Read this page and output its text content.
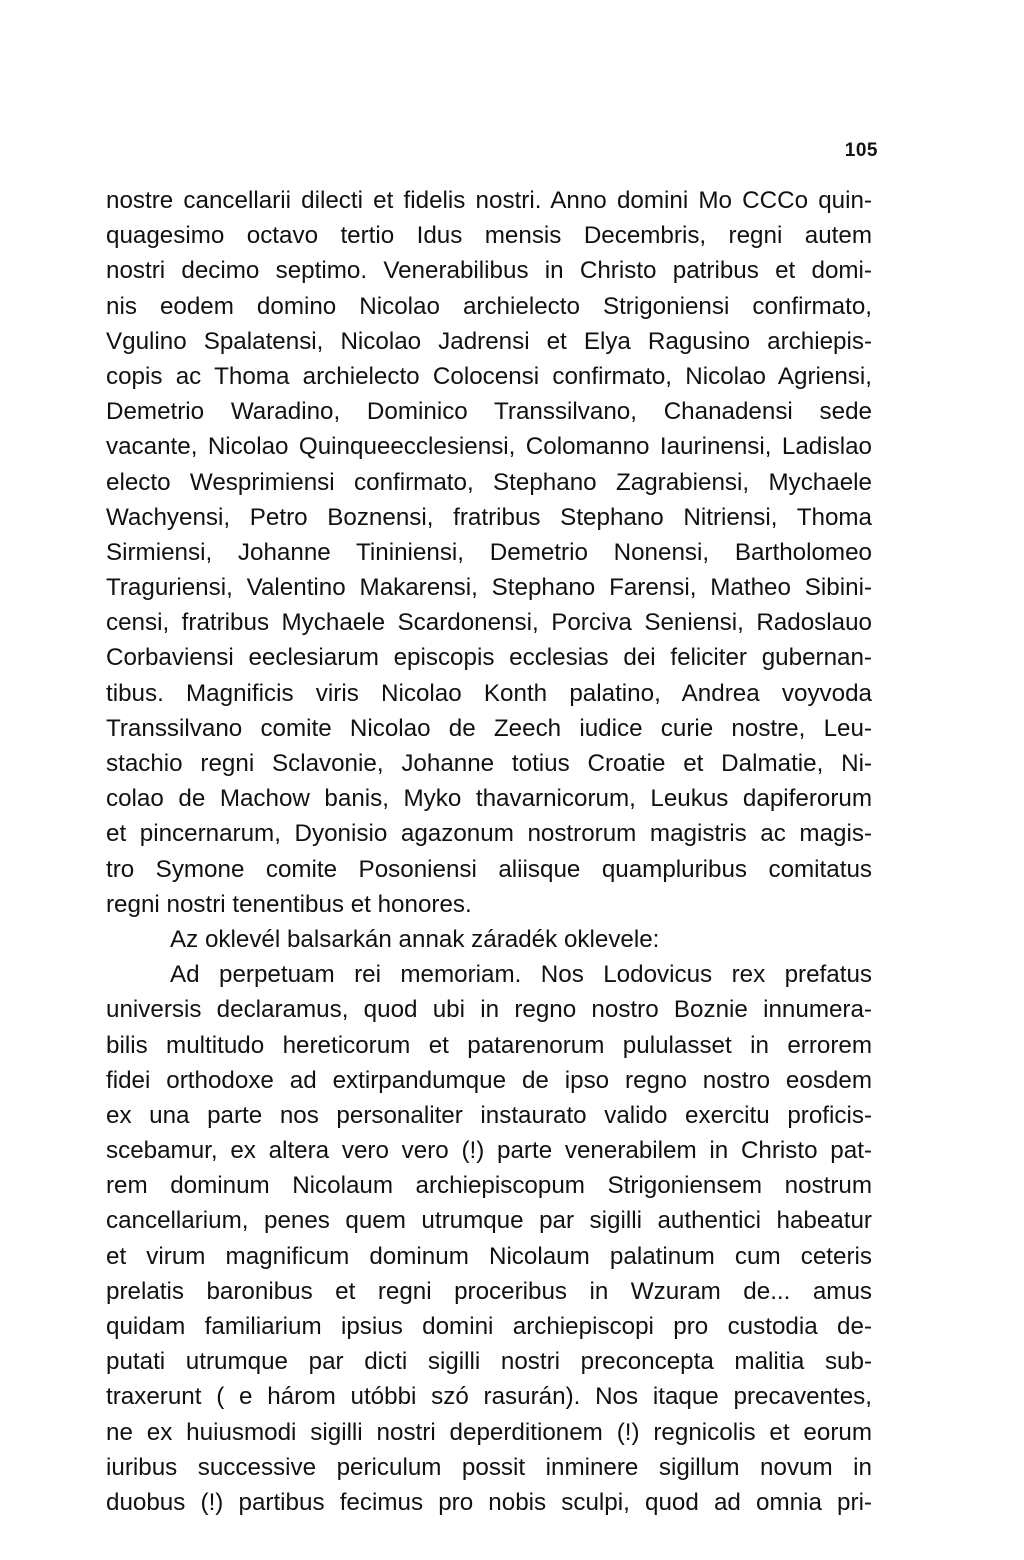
105
nostre cancellarii dilecti et fidelis nostri. Anno domini Mo CCCo quin-
quagesimo octavo tertio Idus mensis Decembris, regni autem
nostri decimo septimo. Venerabilibus in Christo patribus et domi-
nis eodem domino Nicolao archielecto Strigoniensi confirmato,
Vgulino Spalatensi, Nicolao Jadrensi et Elya Ragusino archiepis-
copis ac Thoma archielecto Colocensi confirmato, Nicolao Agriensi,
Demetrio Waradino, Dominico Transsilvano, Chanadensi sede
vacante, Nicolao Quinqueecclesiensi, Colomanno Iaurinensi, Ladislao
electo Wesprimiensi confirmato, Stephano Zagrabiensi, Mychaele
Wachyensi, Petro Boznensi, fratribus Stephano Nitriensi, Thoma
Sirmiensi, Johanne Tininiensi, Demetrio Nonensi, Bartholomeo
Traguriensi, Valentino Makarensi, Stephano Farensi, Matheo Sibini-
censi, fratribus Mychaele Scardonensi, Porciva Seniensi, Radoslauo
Corbaviensi eeclesiarum episcopis ecclesias dei feliciter gubernan-
tibus. Magnificis viris Nicolao Konth palatino, Andrea voyvoda
Transsilvano comite Nicolao de Zeech iudice curie nostre, Leu-
stachio regni Sclavonie, Johanne totius Croatie et Dalmatie, Ni-
colao de Machow banis, Myko thavarnicorum, Leukus dapiferorum
et pincernarum, Dyonisio agazonum nostrorum magistris ac magis-
tro Symone comite Posoniensi aliisque quampluribus comitatus
regni nostri tenentibus et honores.
Az oklevél balsarkán annak záradék oklevele:
Ad perpetuam rei memoriam. Nos Lodovicus rex prefatus
universis declaramus, quod ubi in regno nostro Boznie innumera-
bilis multitudo hereticorum et patarenorum pululasset in errorem
fidei orthodoxe ad extirpandumque de ipso regno nostro eosdem
ex una parte nos personaliter instaurato valido exercitu proficis-
scebamur, ex altera vero vero (!) parte venerabilem in Christo pat-
rem dominum Nicolaum archiepiscopum Strigoniensem nostrum
cancellarium, penes quem utrumque par sigilli authentici habeatur
et virum magnificum dominum Nicolaum palatinum cum ceteris
prelatis baronibus et regni proceribus in Wzuram de... amus
quidam familiarium ipsius domini archiepiscopi pro custodia de-
putati utrumque par dicti sigilli nostri preconcepta malitia sub-
traxerunt ( e három utóbbi szó rasurán). Nos itaque precaventes,
ne ex huiusmodi sigilli nostri deperditionem (!) regnicolis et eorum
iuribus successive periculum possit inminere sigillum novum in
duobus (!) partibus fecimus pro nobis sculpi, quod ad omnia pri-
